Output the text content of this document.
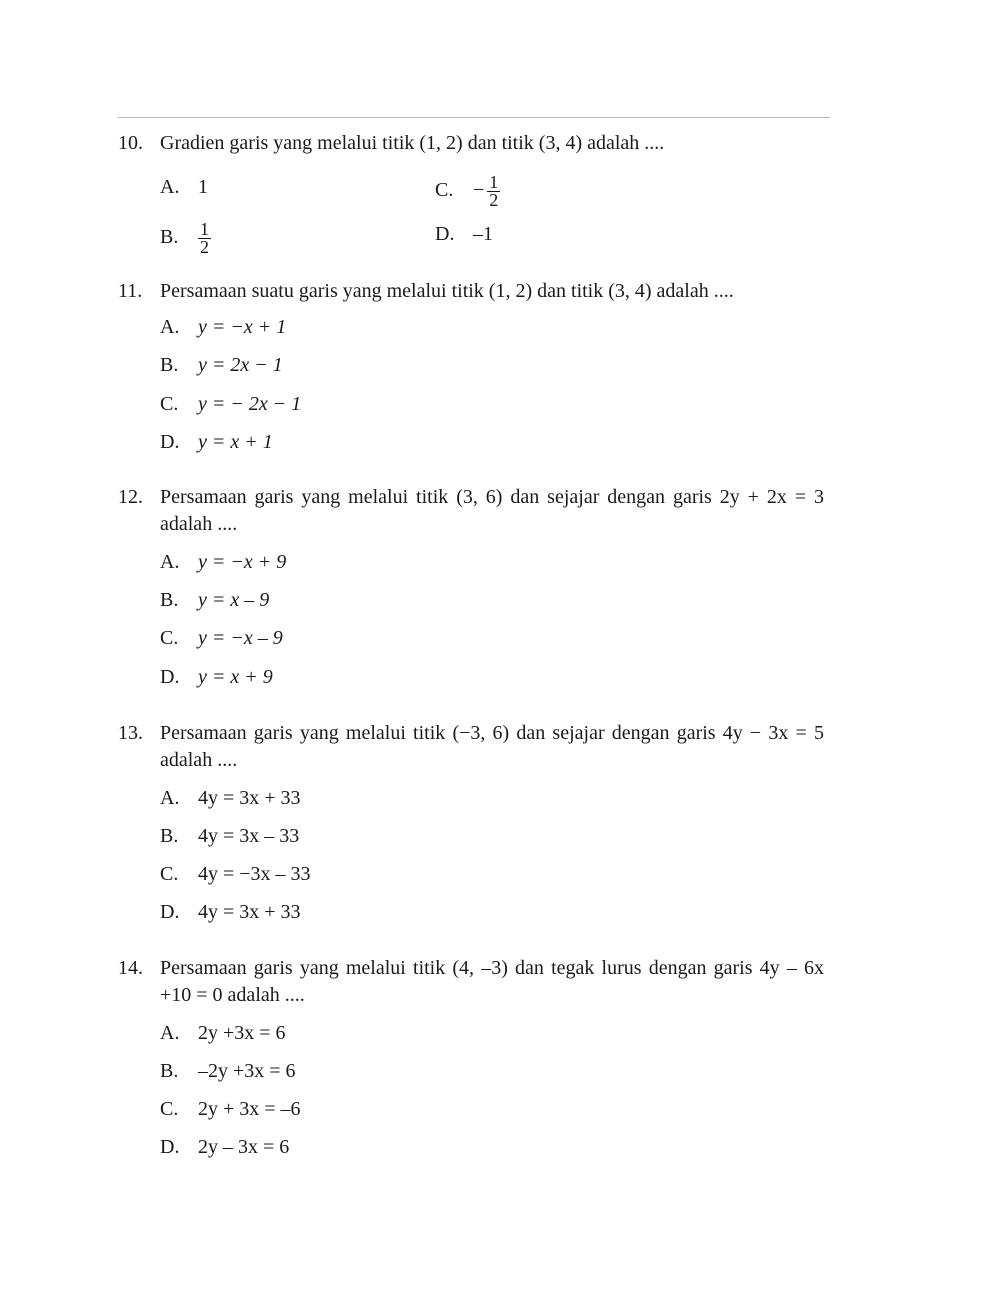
10. Gradien garis yang melalui titik (1, 2) dan titik (3, 4) adalah ....
A. 1	C. − $\frac{1}{2}$
B. $\frac{1}{2}$	D. –1
11. Persamaan suatu garis yang melalui titik (1, 2) dan titik (3, 4) adalah ....
A. y = −x + 1
B. y = 2x − 1
C. y = − 2x − 1
D. y = x + 1
12. Persamaan garis yang melalui titik (3, 6) dan sejajar dengan garis 2y + 2x = 3 adalah ....
A. y = −x + 9
B. y = x – 9
C. y = −x – 9
D. y = x + 9
13. Persamaan garis yang melalui titik (−3, 6) dan sejajar dengan garis 4y − 3x = 5 adalah ....
A. 4y = 3x + 33
B. 4y = 3x – 33
C. 4y = −3x – 33
D. 4y = 3x + 33
14. Persamaan garis yang melalui titik (4, –3) dan tegak lurus dengan garis 4y – 6x +10 = 0 adalah ....
A. 2y +3x = 6
B. –2y +3x = 6
C. 2y + 3x = –6
D. 2y – 3x = 6
